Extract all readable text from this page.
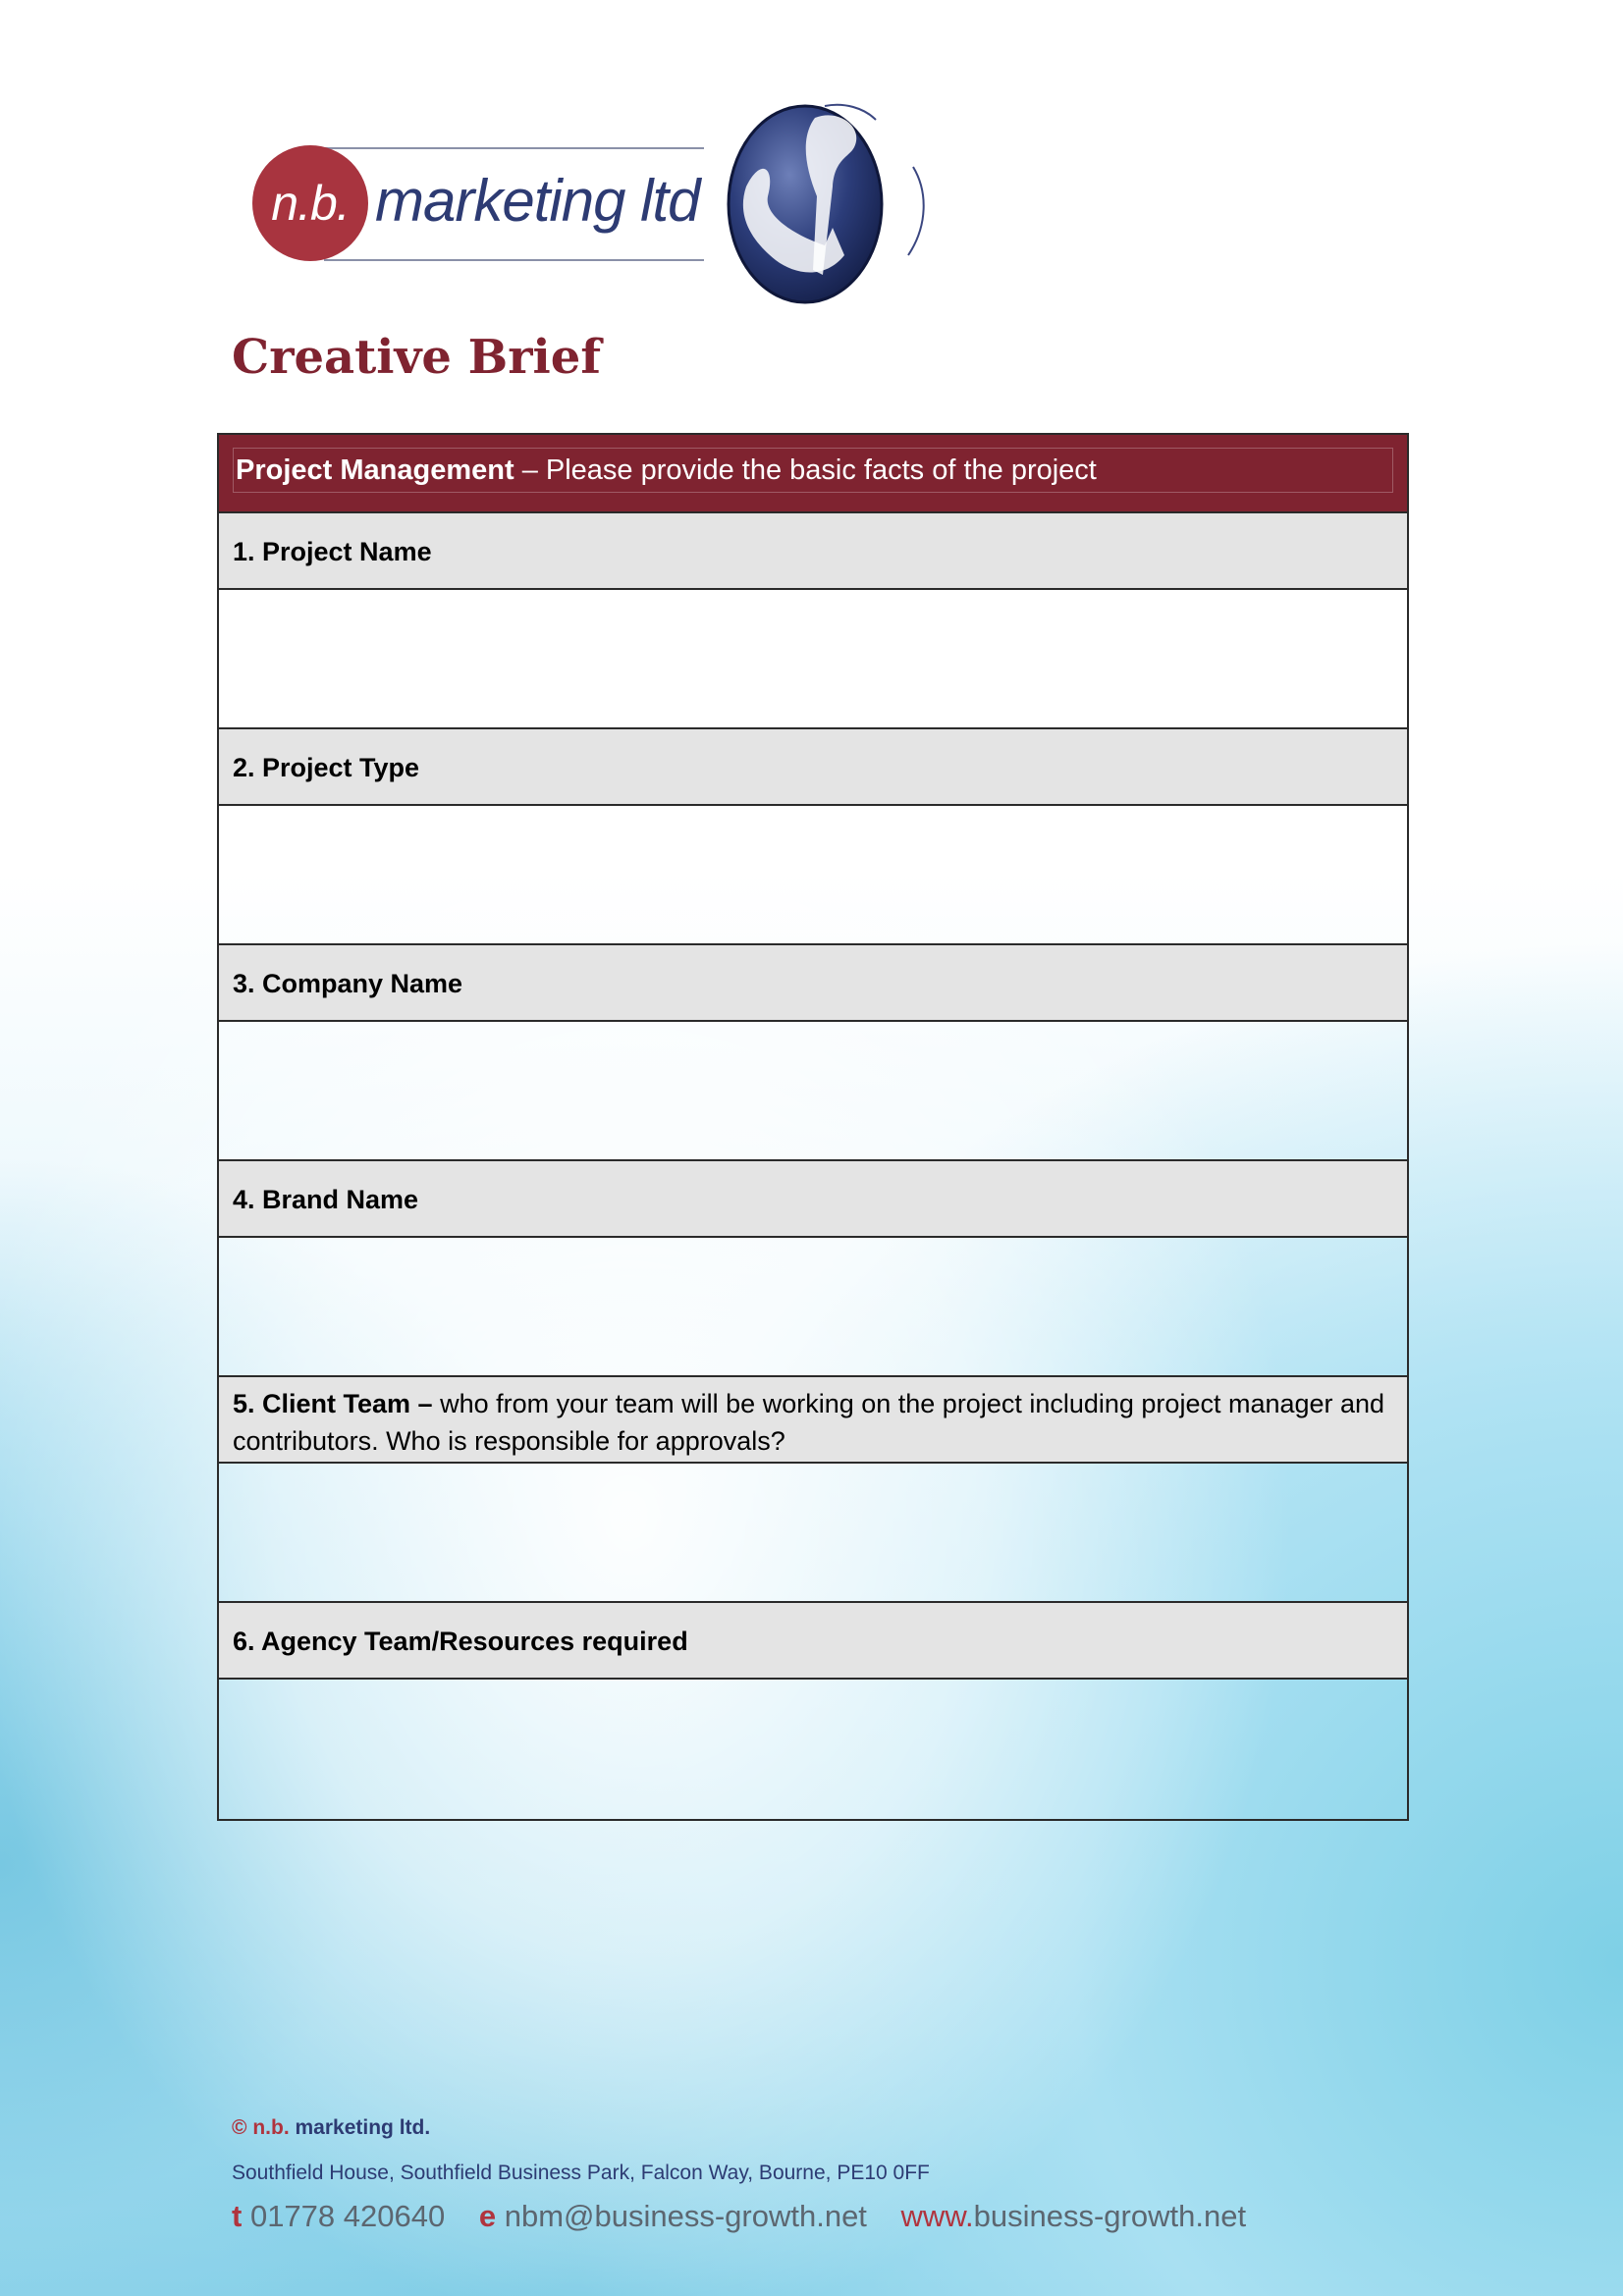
n.b. marketing ltd
Creative Brief
Project Management – Please provide the basic facts of the project
1. Project Name
2. Project Type
3. Company Name
4. Brand Name
5. Client Team – who from your team will be working on the project including project manager and contributors. Who is responsible for approvals?
6. Agency Team/Resources required
© n.b. marketing ltd.
Southfield House, Southfield Business Park, Falcon Way, Bourne, PE10 0FF
t 01778 420640 e nbm@business-growth.net www.business-growth.net
